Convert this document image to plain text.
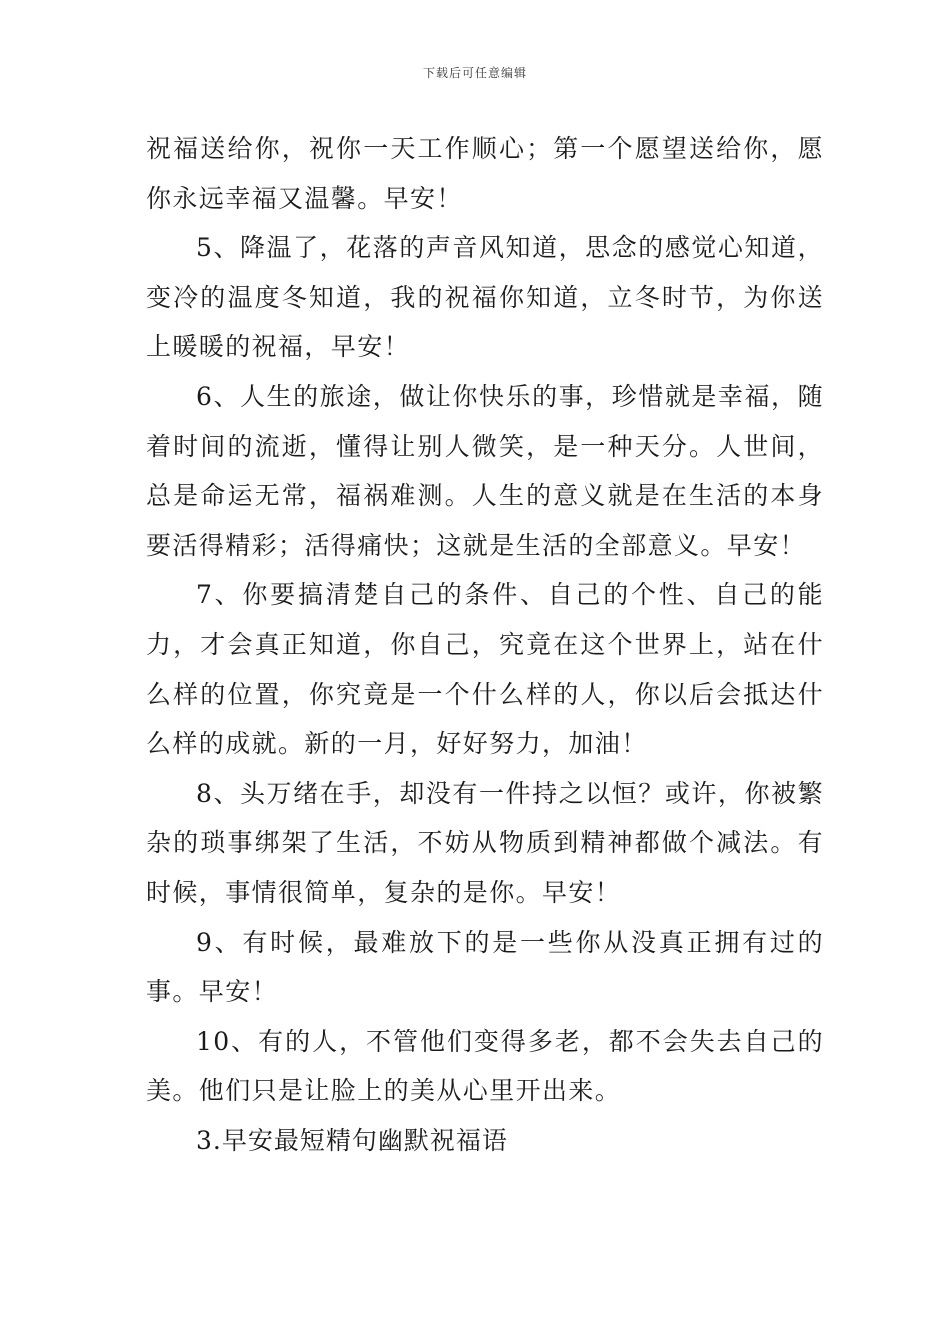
下载后可任意编辑

祝福送给你，祝你一天工作顺心；第一个愿望送给你，愿你永远幸福又温馨。早安！

5、降温了，花落的声音风知道，思念的感觉心知道，变冷的温度冬知道，我的祝福你知道，立冬时节，为你送上暖暖的祝福，早安！

6、人生的旅途，做让你快乐的事，珍惜就是幸福，随着时间的流逝，懂得让别人微笑，是一种天分。人世间，总是命运无常，福祸难测。人生的意义就是在生活的本身要活得精彩；活得痛快；这就是生活的全部意义。早安！

7、你要搞清楚自己的条件、自己的个性、自己的能力，才会真正知道，你自己，究竟在这个世界上，站在什么样的位置，你究竟是一个什么样的人，你以后会抵达什么样的成就。新的一月，好好努力，加油！

8、头万绪在手，却没有一件持之以恒？或许，你被繁杂的琐事绑架了生活，不妨从物质到精神都做个减法。有时候，事情很简单，复杂的是你。早安！

9、有时候，最难放下的是一些你从没真正拥有过的事。早安！

10、有的人，不管他们变得多老，都不会失去自己的美。他们只是让脸上的美从心里开出来。

3.早安最短精句幽默祝福语
